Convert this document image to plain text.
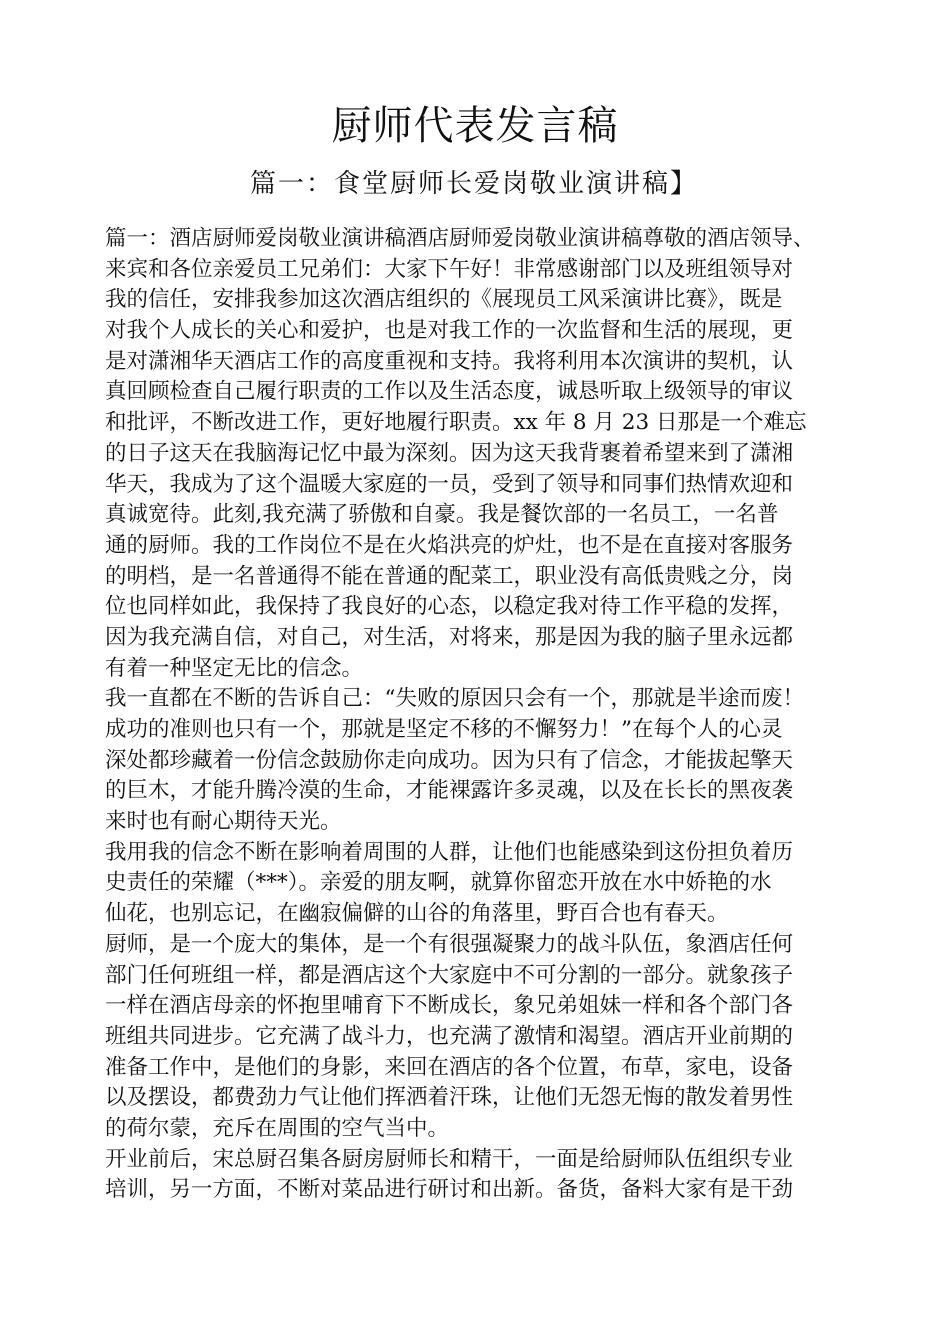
厨师代表发言稿
篇一：食堂厨师长爱岗敬业演讲稿】
篇一：酒店厨师爱岗敬业演讲稿酒店厨师爱岗敬业演讲稿尊敬的酒店领导、
来宾和各位亲爱员工兄弟们：大家下午好！非常感谢部门以及班组领导对
我的信任，安排我参加这次酒店组织的《展现员工风采演讲比赛》，既是
对我个人成长的关心和爱护，也是对我工作的一次监督和生活的展现，更
是对潇湘华天酒店工作的高度重视和支持。我将利用本次演讲的契机，认
真回顾检查自己履行职责的工作以及生活态度，诚恳听取上级领导的审议
和批评，不断改进工作，更好地履行职责。xx 年 8 月 23 日那是一个难忘
的日子这天在我脑海记忆中最为深刻。因为这天我背裹着希望来到了潇湘
华天，我成为了这个温暖大家庭的一员，受到了领导和同事们热情欢迎和
真诚宽待。此刻,我充满了骄傲和自豪。我是餐饮部的一名员工，一名普
通的厨师。我的工作岗位不是在火焰洪亮的炉灶，也不是在直接对客服务
的明档，是一名普通得不能在普通的配菜工，职业没有高低贵贱之分，岗
位也同样如此，我保持了我良好的心态，以稳定我对待工作平稳的发挥，
因为我充满自信，对自己，对生活，对将来，那是因为我的脑子里永远都
有着一种坚定无比的信念。
我一直都在不断的告诉自己：“失败的原因只会有一个，那就是半途而废！
成功的准则也只有一个，那就是坚定不移的不懈努力！”在每个人的心灵
深处都珍藏着一份信念鼓励你走向成功。因为只有了信念，才能拔起擎天
的巨木，才能升腾冷漠的生命，才能裸露许多灵魂，以及在长长的黑夜袭
来时也有耐心期待天光。
我用我的信念不断在影响着周围的人群，让他们也能感染到这份担负着历
史责任的荣耀（***）。亲爱的朋友啊，就算你留恋开放在水中娇艳的水
仙花，也别忘记，在幽寂偏僻的山谷的角落里，野百合也有春天。
厨师，是一个庞大的集体，是一个有很强凝聚力的战斗队伍，象酒店任何
部门任何班组一样，都是酒店这个大家庭中不可分割的一部分。就象孩子
一样在酒店母亲的怀抱里哺育下不断成长，象兄弟姐妹一样和各个部门各
班组共同进步。它充满了战斗力，也充满了激情和渴望。酒店开业前期的
准备工作中，是他们的身影，来回在酒店的各个位置，布草，家电，设备
以及摆设，都费劲力气让他们挥洒着汗珠，让他们无怨无悔的散发着男性
的荷尔蒙，充斥在周围的空气当中。
开业前后，宋总厨召集各厨房厨师长和精干，一面是给厨师队伍组织专业
培训，另一方面，不断对菜品进行研讨和出新。备货，备料大家有是干劲
